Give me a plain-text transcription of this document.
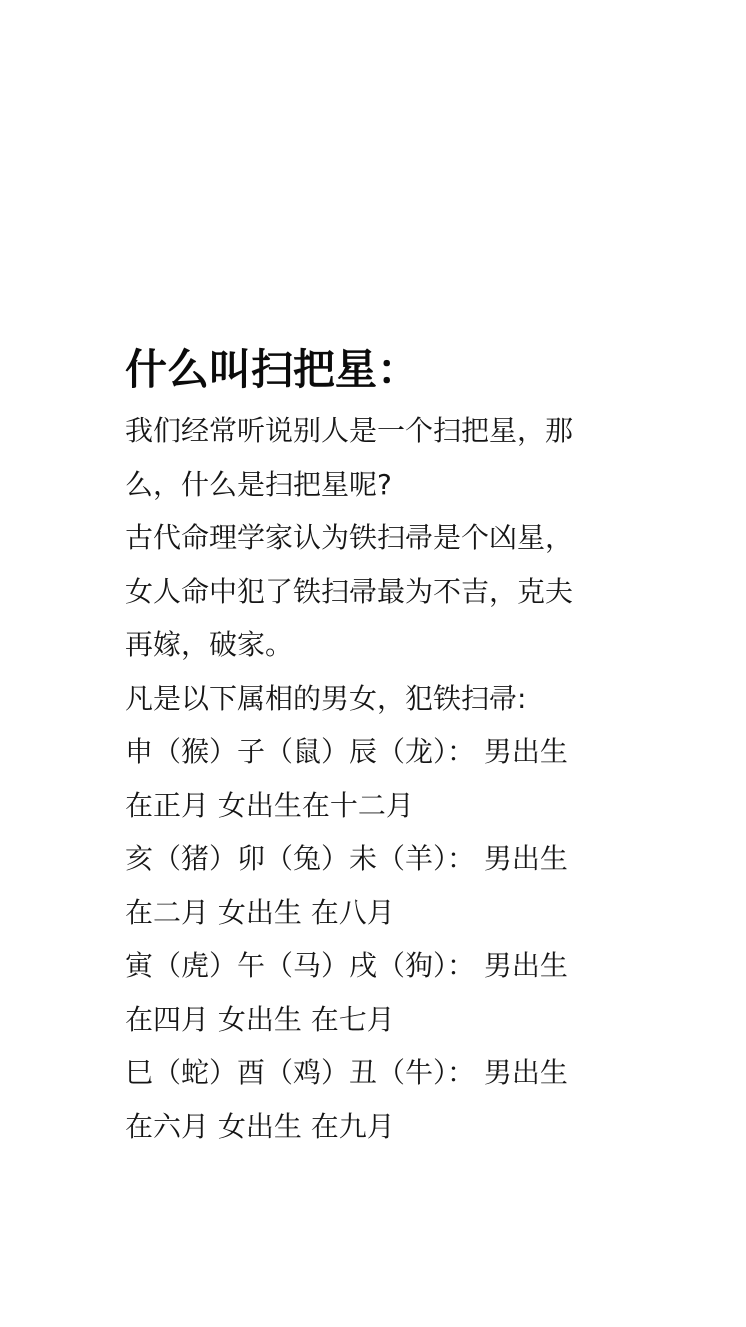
什么叫扫把星：

我们经常听说别人是一个扫把星，那
么，什么是扫把星呢?

古代命理学家认为铁扫帚是个凶星，
女人命中犯了铁扫帚最为不吉，克夫
再嫁，破家。

凡是以下属相的男女，犯铁扫帚:

申（猴）子（鼠）辰（龙）： 男出生
在正月 女出生在十二月

亥（猪）卯（兔）未（羊）： 男出生
在二月 女出生 在八月

寅（虎）午（马）戌（狗）： 男出生
在四月 女出生 在七月

巳（蛇）酉（鸡）丑（牛）： 男出生
在六月 女出生 在九月
